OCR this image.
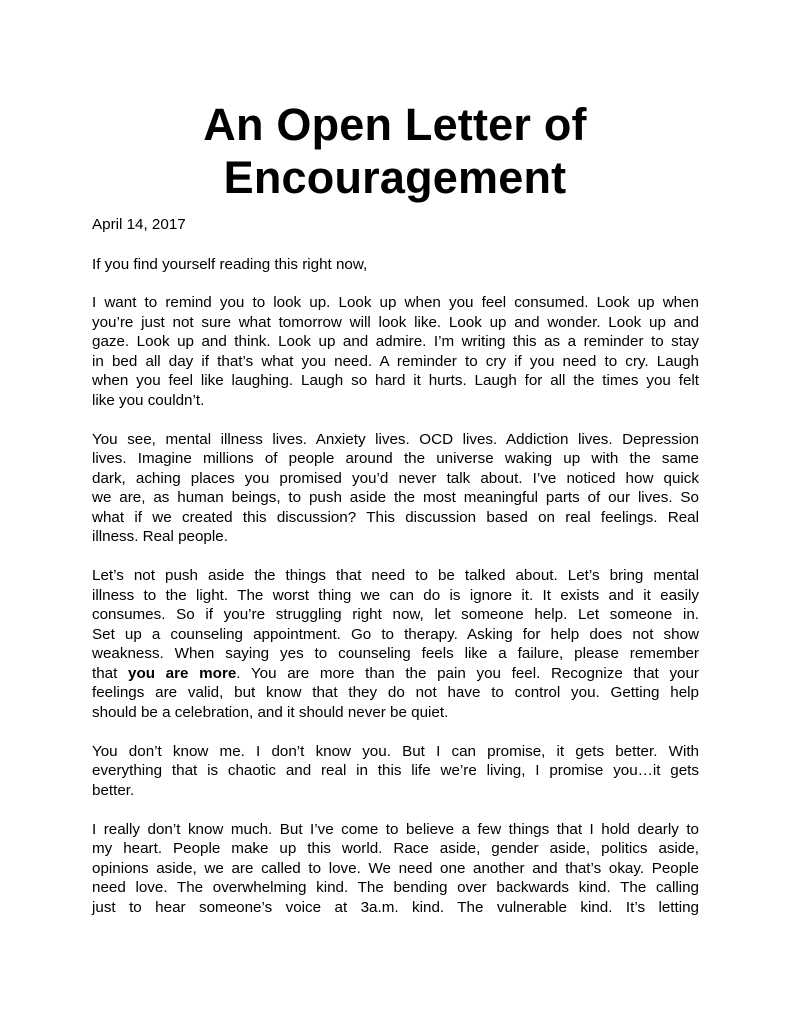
An Open Letter of
Encouragement

April 14, 2017

If you find yourself reading this right now,

I want to remind you to look up. Look up when you feel consumed. Look up when
you’re just not sure what tomorrow will look like. Look up and wonder. Look up and
gaze. Look up and think. Look up and admire. I’m writing this as a reminder to stay
in bed all day if that’s what you need. A reminder to cry if you need to cry. Laugh
when you feel like laughing. Laugh so hard it hurts. Laugh for all the times you felt
like you couldn’t.

You see, mental illness lives. Anxiety lives. OCD lives. Addiction lives. Depression
lives. Imagine millions of people around the universe waking up with the same
dark, aching places you promised you’d never talk about. I’ve noticed how quick
we are, as human beings, to push aside the most meaningful parts of our lives. So
what if we created this discussion? This discussion based on real feelings. Real
illness. Real people.

Let’s not push aside the things that need to be talked about. Let’s bring mental
illness to the light. The worst thing we can do is ignore it. It exists and it easily
consumes. So if you’re struggling right now, let someone help. Let someone in.
Set up a counseling appointment. Go to therapy. Asking for help does not show
weakness. When saying yes to counseling feels like a failure, please remember
that you are more. You are more than the pain you feel. Recognize that your
feelings are valid, but know that they do not have to control you. Getting help
should be a celebration, and it should never be quiet.

You don’t know me. I don’t know you. But I can promise, it gets better. With
everything that is chaotic and real in this life we’re living, I promise you…it gets
better.

I really don’t know much. But I’ve come to believe a few things that I hold dearly to
my heart. People make up this world. Race aside, gender aside, politics aside,
opinions aside, we are called to love. We need one another and that’s okay. People
need love. The overwhelming kind. The bending over backwards kind. The calling
just to hear someone’s voice at 3a.m. kind. The vulnerable kind. It’s letting
